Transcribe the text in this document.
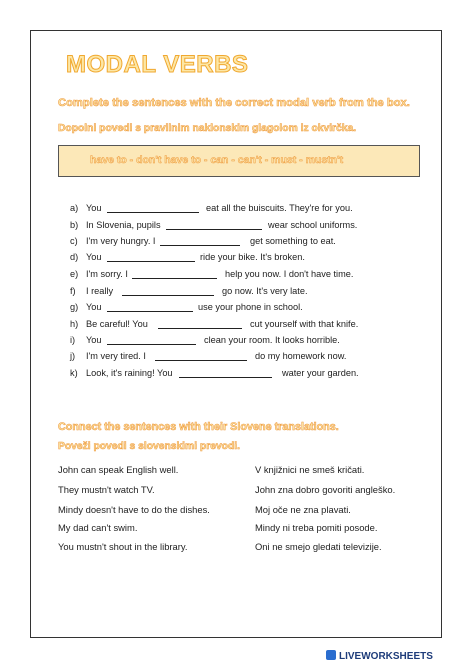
MODAL VERBS
Complete the sentences with the correct modal verb from the box.
Dopolni povedi s pravilnim naklonskim glagolom iz okvirčka.
have to - don't have to - can - can't - must - mustn't
a) You	eat all the buiscuits. They're for you.
b) In Slovenia, pupils	wear school uniforms.
c) I'm very hungry. I	get something to eat.
d) You	ride your bike. It's broken.
e) I'm sorry. I	help you now. I don't have time.
f) I really	go now. It's very late.
g) You	use your phone in school.
h) Be careful! You	cut yourself with that knife.
i) You	clean your room. It looks horrible.
j) I'm very tired. I	do my homework now.
k) Look, it's raining! You	water your garden.
Connect the sentences with their Slovene translations.
Poveži povedi s slovenskimi prevodi.
John can speak English well.
They mustn't watch TV.
Mindy doesn't have to do the dishes.
My dad can't swim.
You mustn't shout in the library.
V knjižnici ne smeš kričati.
John zna dobro govoriti angleško.
Moj oče ne zna plavati.
Mindy ni treba pomiti posode.
Oni ne smejo gledati televizije.
LIVEWORKSHEETS
